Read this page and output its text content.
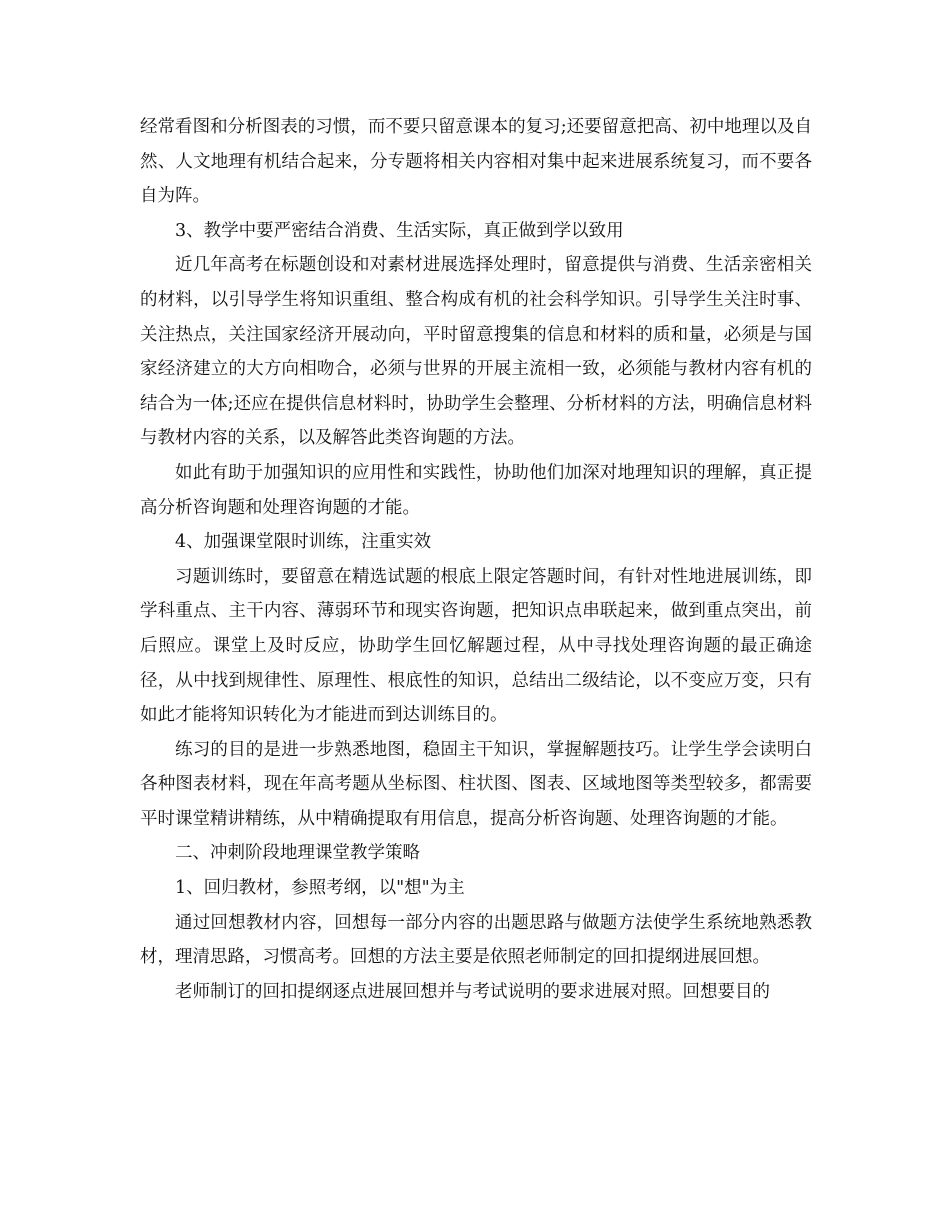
经常看图和分析图表的习惯，而不要只留意课本的复习;还要留意把高、初中地理以及自然、人文地理有机结合起来，分专题将相关内容相对集中起来进展系统复习，而不要各自为阵。

3、教学中要严密结合消费、生活实际，真正做到学以致用

近几年高考在标题创设和对素材进展选择处理时，留意提供与消费、生活亲密相关的材料，以引导学生将知识重组、整合构成有机的社会科学知识。引导学生关注时事、关注热点，关注国家经济开展动向，平时留意搜集的信息和材料的质和量，必须是与国家经济建立的大方向相吻合，必须与世界的开展主流相一致，必须能与教材内容有机的结合为一体;还应在提供信息材料时，协助学生会整理、分析材料的方法，明确信息材料与教材内容的关系，以及解答此类咨询题的方法。

如此有助于加强知识的应用性和实践性，协助他们加深对地理知识的理解，真正提高分析咨询题和处理咨询题的才能。

4、加强课堂限时训练，注重实效

习题训练时，要留意在精选试题的根底上限定答题时间，有针对性地进展训练，即学科重点、主干内容、薄弱环节和现实咨询题，把知识点串联起来，做到重点突出，前后照应。课堂上及时反应，协助学生回忆解题过程，从中寻找处理咨询题的最正确途径，从中找到规律性、原理性、根底性的知识，总结出二级结论，以不变应万变，只有如此才能将知识转化为才能进而到达训练目的。

练习的目的是进一步熟悉地图，稳固主干知识，掌握解题技巧。让学生学会读明白各种图表材料，现在年高考题从坐标图、柱状图、图表、区域地图等类型较多，都需要平时课堂精讲精练，从中精确提取有用信息，提高分析咨询题、处理咨询题的才能。

二、冲刺阶段地理课堂教学策略

1、回归教材，参照考纲，以"想"为主

通过回想教材内容，回想每一部分内容的出题思路与做题方法使学生系统地熟悉教材，理清思路，习惯高考。回想的方法主要是依照老师制定的回扣提纲进展回想。

老师制订的回扣提纲逐点进展回想并与考试说明的要求进展对照。回想要目的
